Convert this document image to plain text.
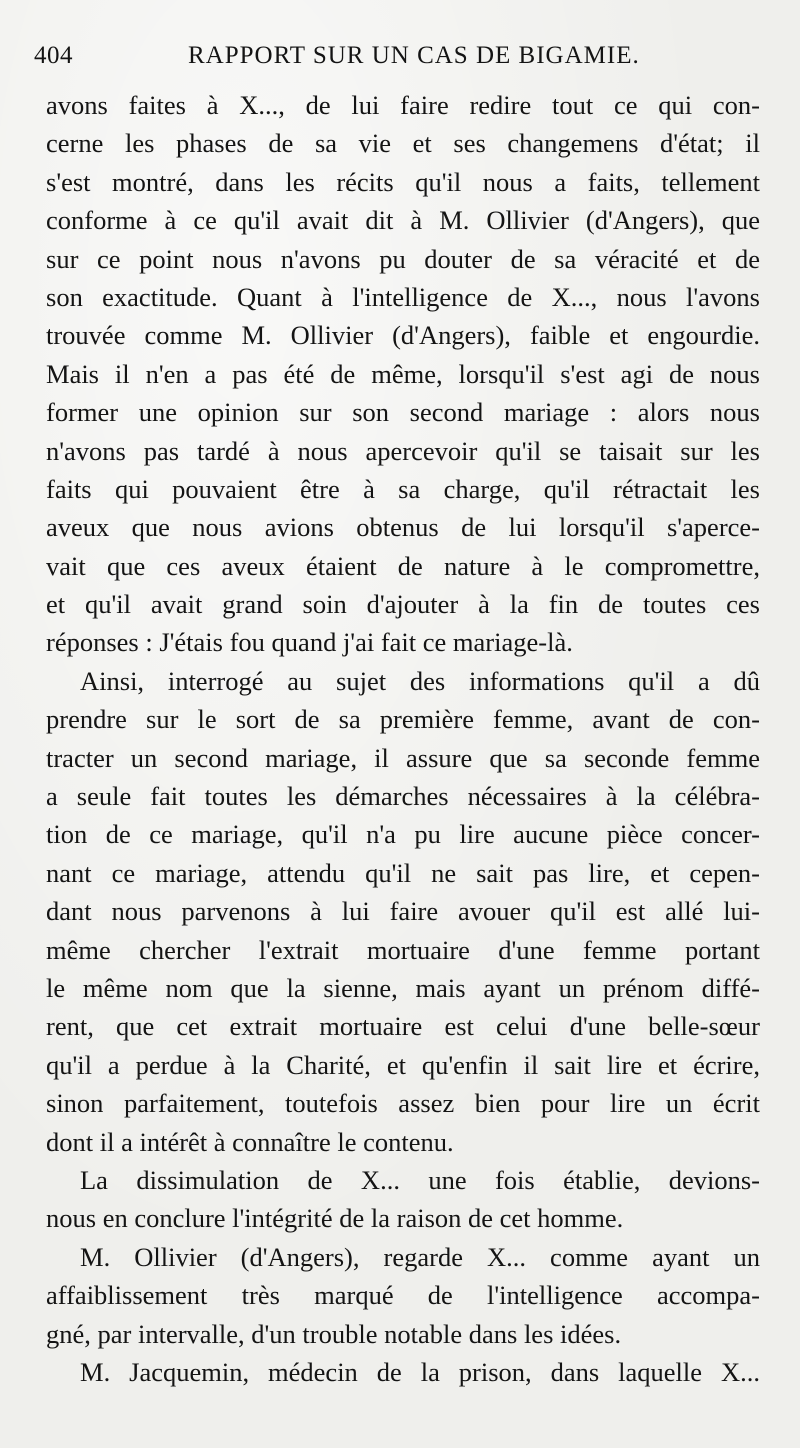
404	RAPPORT SUR UN CAS DE BIGAMIE.
avons faites à X..., de lui faire redire tout ce qui con-
cerne les phases de sa vie et ses changemens d'état; il
s'est montré, dans les récits qu'il nous a faits, tellement
conforme à ce qu'il avait dit à M. Ollivier (d'Angers), que
sur ce point nous n'avons pu douter de sa véracité et de
son exactitude. Quant à l'intelligence de X..., nous l'avons
trouvée comme M. Ollivier (d'Angers), faible et engourdie.
Mais il n'en a pas été de même, lorsqu'il s'est agi de nous
former une opinion sur son second mariage : alors nous
n'avons pas tardé à nous apercevoir qu'il se taisait sur les
faits qui pouvaient être à sa charge, qu'il rétractait les
aveux que nous avions obtenus de lui lorsqu'il s'aperce-
vait que ces aveux étaient de nature à le compromettre,
et qu'il avait grand soin d'ajouter à la fin de toutes ces
réponses : J'étais fou quand j'ai fait ce mariage-là.
Ainsi, interrogé au sujet des informations qu'il a dû
prendre sur le sort de sa première femme, avant de con-
tracter un second mariage, il assure que sa seconde femme
a seule fait toutes les démarches nécessaires à la célébra-
tion de ce mariage, qu'il n'a pu lire aucune pièce concer-
nant ce mariage, attendu qu'il ne sait pas lire, et cepen-
dant nous parvenons à lui faire avouer qu'il est allé lui-
même chercher l'extrait mortuaire d'une femme portant
le même nom que la sienne, mais ayant un prénom diffé-
rent, que cet extrait mortuaire est celui d'une belle-sœur
qu'il a perdue à la Charité, et qu'enfin il sait lire et écrire,
sinon parfaitement, toutefois assez bien pour lire un écrit
dont il a intérêt à connaître le contenu.
La dissimulation de X... une fois établie, devions-
nous en conclure l'intégrité de la raison de cet homme.
M. Ollivier (d'Angers), regarde X... comme ayant un
affaiblissement très marqué de l'intelligence accompa-
gné, par intervalle, d'un trouble notable dans les idées.
M. Jacquemin, médecin de la prison, dans laquelle X...
